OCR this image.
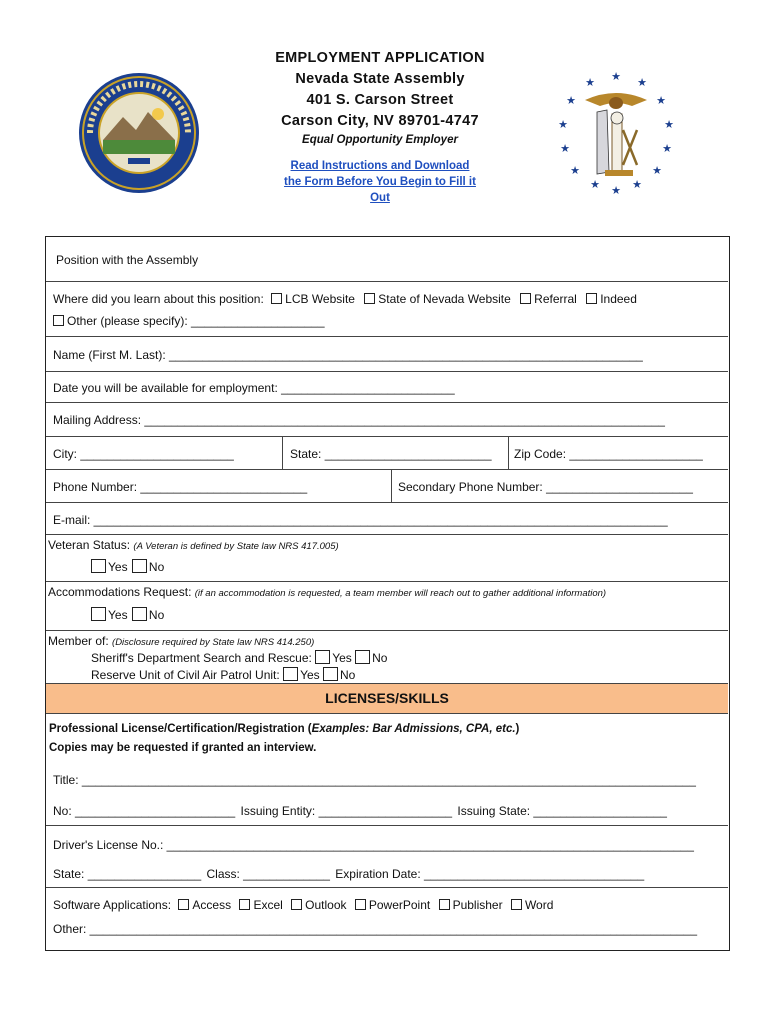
EMPLOYMENT APPLICATION
Nevada State Assembly
401 S. Carson Street
Carson City, NV 89701-4747
Equal Opportunity Employer
Read Instructions and Download
the Form Before You Begin to Fill it
Out
★
★	★
★	★
★	★
★	★
★	★
★	★
★
Position with the Assembly
Where did you learn about this position: LCB Website State of Nevada Website Referral Indeed
Other (please specify): ____________________
Name (First M. Last): _______________________________________________________________________
Date you will be available for employment: __________________________
Mailing Address: ______________________________________________________________________________
City: _______________________	State: _________________________ Zip Code: ____________________
Phone Number: _________________________	Secondary Phone Number: ______________________
E-mail: ______________________________________________________________________________________
Veteran Status: (A Veteran is defined by State law NRS 417.005)
Yes No
Accommodations Request: (if an accommodation is requested, a team member will reach out to gather additional information)
Yes No
Member of: (Disclosure required by State law NRS 414.250)
Sheriff's Department Search and Rescue: Yes No
Reserve Unit of Civil Air Patrol Unit: Yes No
LICENSES/SKILLS
Professional License/Certification/Registration (Examples: Bar Admissions, CPA, etc.)
Copies may be requested if granted an interview.
Title: ____________________________________________________________________________________________
No: ________________________ Issuing Entity: ____________________ Issuing State: ____________________
Driver's License No.: _______________________________________________________________________________
State: _________________ Class: _____________ Expiration Date: _________________________________
Software Applications: Access Excel Outlook PowerPoint Publisher Word
Other: ___________________________________________________________________________________________
